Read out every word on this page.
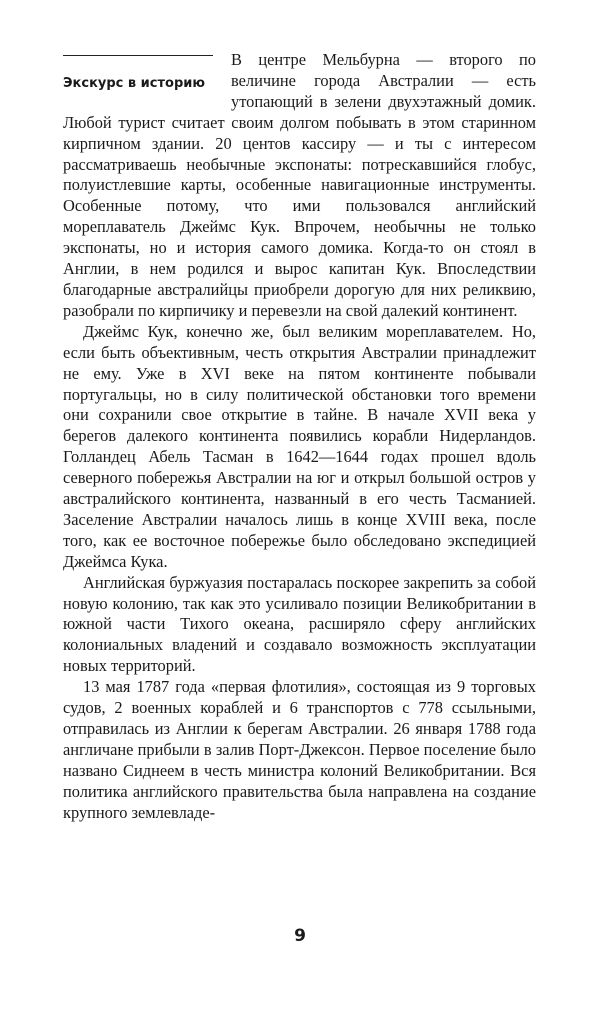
Экскурс в историю

В центре Мельбурна — второго по величине города Австралии — есть утопающий в зелени двухэтажный домик. Любой турист считает своим долгом побывать в этом старинном кирпичном здании. 20 центов кассиру — и ты с интересом рассматриваешь необычные экспонаты: потрескавшийся глобус, полуистлевшие карты, особенные навигационные инструменты. Особенные потому, что ими пользовался английский мореплаватель Джеймс Кук. Впрочем, необычны не только экспонаты, но и история самого домика. Когда-то он стоял в Англии, в нем родился и вырос капитан Кук. Впоследствии благодарные австралийцы приобрели дорогую для них реликвию, разобрали по кирпичику и перевезли на свой далекий континент.

Джеймс Кук, конечно же, был великим мореплавателем. Но, если быть объективным, честь открытия Австралии принадлежит не ему. Уже в XVI веке на пятом континенте побывали португальцы, но в силу политической обстановки того времени они сохранили свое открытие в тайне. В начале XVII века у берегов далекого континента появились корабли Нидерландов. Голландец Абель Тасман в 1642—1644 годах прошел вдоль северного побережья Австралии на юг и открыл большой остров у австралийского континента, названный в его честь Тасманией. Заселение Австралии началось лишь в конце XVIII века, после того, как ее восточное побережье было обследовано экспедицией Джеймса Кука.

Английская буржуазия постаралась поскорее закрепить за собой новую колонию, так как это усиливало позиции Великобритании в южной части Тихого океана, расширяло сферу английских колониальных владений и создавало возможность эксплуатации новых территорий.

13 мая 1787 года «первая флотилия», состоящая из 9 торговых судов, 2 военных кораблей и 6 транспортов с 778 ссыльными, отправилась из Англии к берегам Австралии. 26 января 1788 года англичане прибыли в залив Порт-Джексон. Первое поселение было названо Сиднеем в честь министра колоний Великобритании. Вся политика английского правительства была направлена на создание крупного землевладе-

9
